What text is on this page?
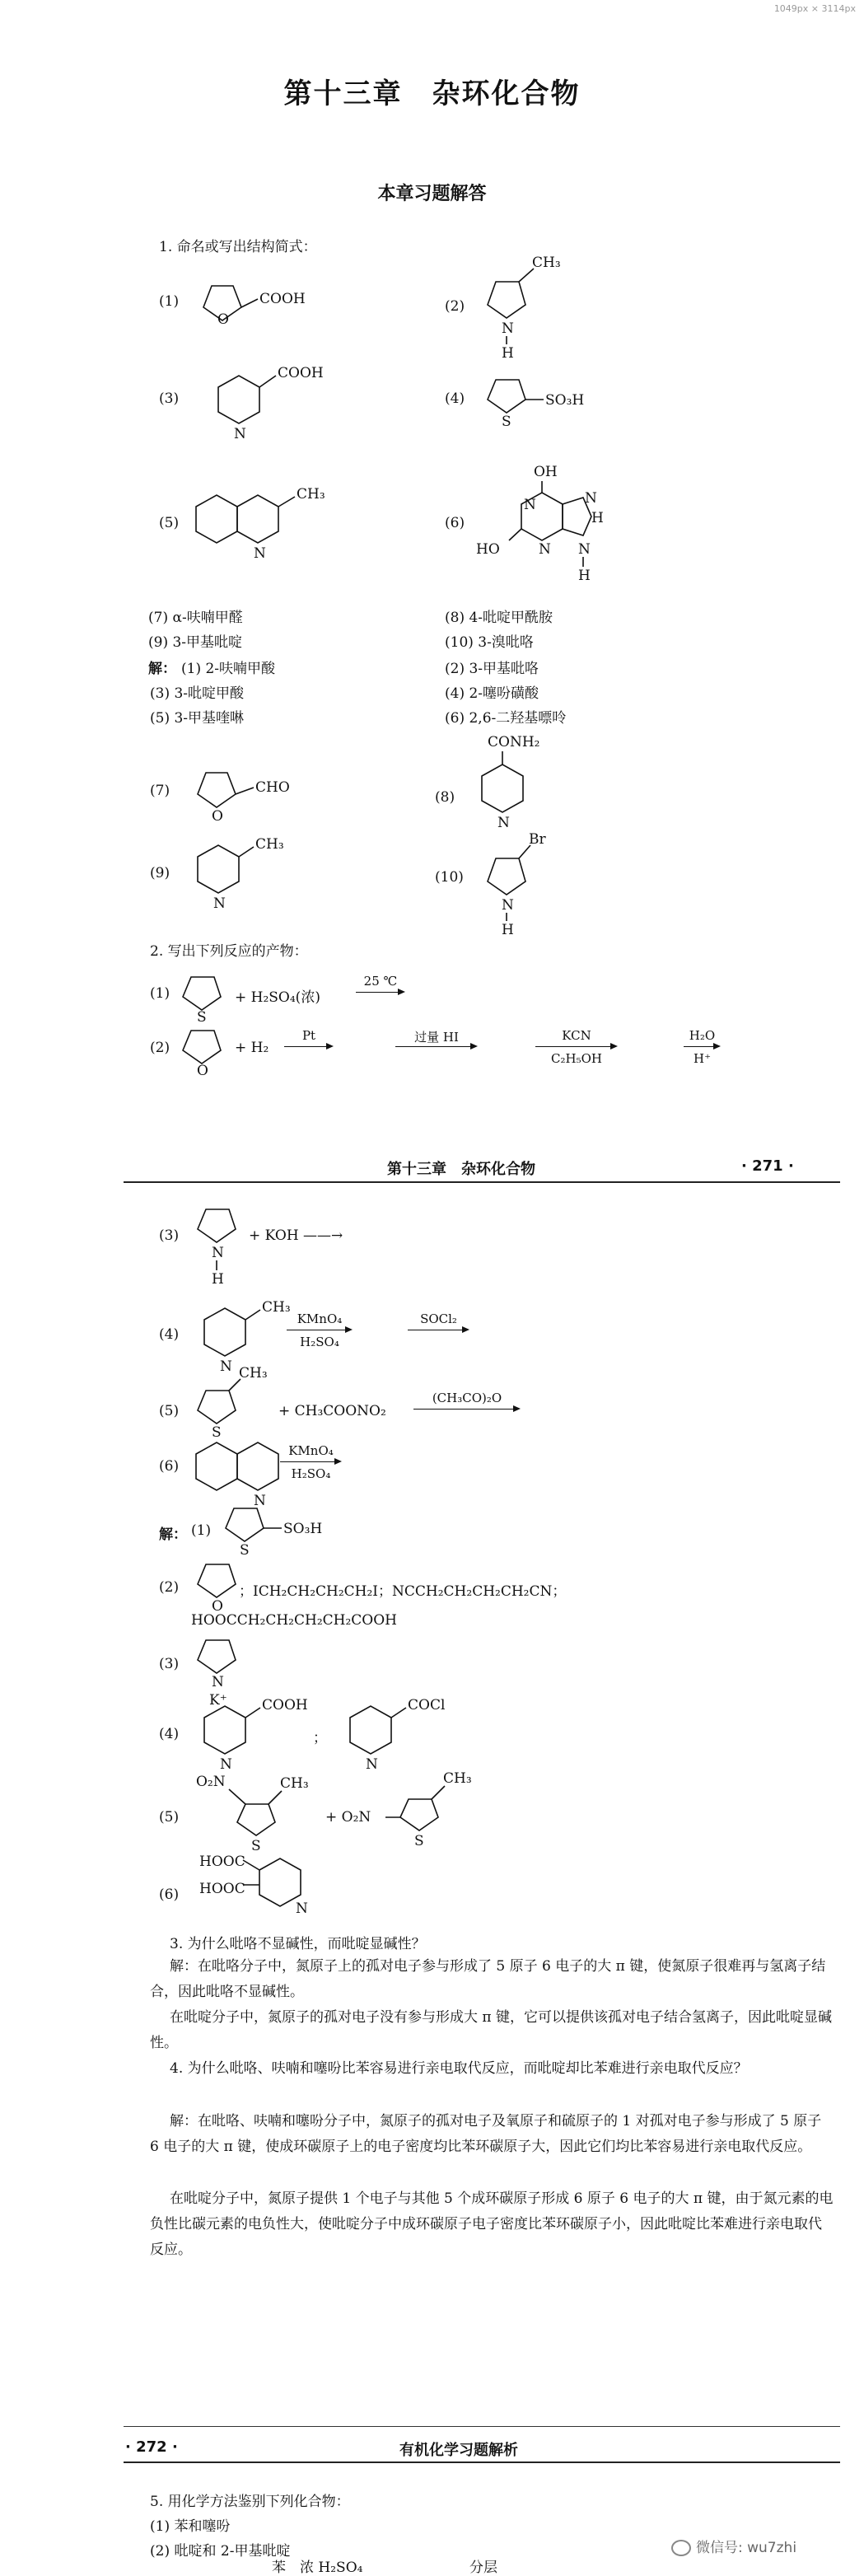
1049px × 3114px
第十三章　杂环化合物
本章习题解答
1. 命名或写出结构简式：
(1)
O
COOH	(2)
CH₃
N
H
(3)
COOH
N
(4)
S
SO₃H
(5)
CH₃
N
(6)
OH
N
N
N
H
N
H
HO
(7) α-呋喃甲醛	(8) 4-吡啶甲酰胺
(9) 3-甲基吡啶	(10) 3-溴吡咯
解： (1) 2-呋喃甲酸	(2) 3-甲基吡咯
(3) 3-吡啶甲酸	(4) 2-噻吩磺酸
(5) 3-甲基喹啉	(6) 2,6-二羟基嘌呤
(7)
O
CHO
(8)
CONH₂
N
(9)
CH₃
N
(10)
Br
N
H
2. 写出下列反应的产物：
(1)
S
+ H₂SO₄(浓)
25 ℃
(2)
O
+ H₂
Pt	过量 HI	KCN
C₂H₅OH
H₂O
H⁺
第十三章　杂环化合物	· 271 ·
(3)
N
H
+ KOH ——→
(4)
CH₃
N
KMnO₄
H₂SO₄
SOCl₂
(5)
CH₃
S
+ CH₃COONO₂
(CH₃CO)₂O
(6)
N
KMnO₄
H₂SO₄
解： (1)
S
SO₃H
(2)
O
；ICH₂CH₂CH₂CH₂I；NCCH₂CH₂CH₂CH₂CN；
HOOCCH₂CH₂CH₂CH₂COOH
(3)
N
K⁺
(4)
COOH
N
；
COCl
N
(5)
O₂N	CH₃
S
+ O₂N
CH₃
S
(6)
HOOC
HOOC
N
3. 为什么吡咯不显碱性，而吡啶显碱性？
解：在吡咯分子中，氮原子上的孤对电子参与形成了 5 原子 6 电子的大 π 键，使氮原子很难再与氢离子结合，因此吡咯不显碱性。
在吡啶分子中，氮原子的孤对电子没有参与形成大 π 键，它可以提供该孤对电子结合氢离子，因此吡啶显碱性。
4. 为什么吡咯、呋喃和噻吩比苯容易进行亲电取代反应，而吡啶却比苯难进行亲电取代反应？
解：在吡咯、呋喃和噻吩分子中，氮原子的孤对电子及氧原子和硫原子的 1 对孤对电子参与形成了 5 原子 6 电子的大 π 键，使成环碳原子上的电子密度均比苯环碳原子大，因此它们均比苯容易进行亲电取代反应。
在吡啶分子中，氮原子提供 1 个电子与其他 5 个成环碳原子形成 6 原子 6 电子的大 π 键，由于氮元素的电负性比碳元素的电负性大，使吡啶分子中成环碳原子电子密度比苯环碳原子小，因此吡啶比苯难进行亲电取代反应。
· 272 ·	有机化学习题解析
5. 用化学方法鉴别下列化合物：
(1) 苯和噻吩
(2) 吡啶和 2-甲基吡啶
苯　浓 H₂SO₄	分层
微信号: wu7zhi
